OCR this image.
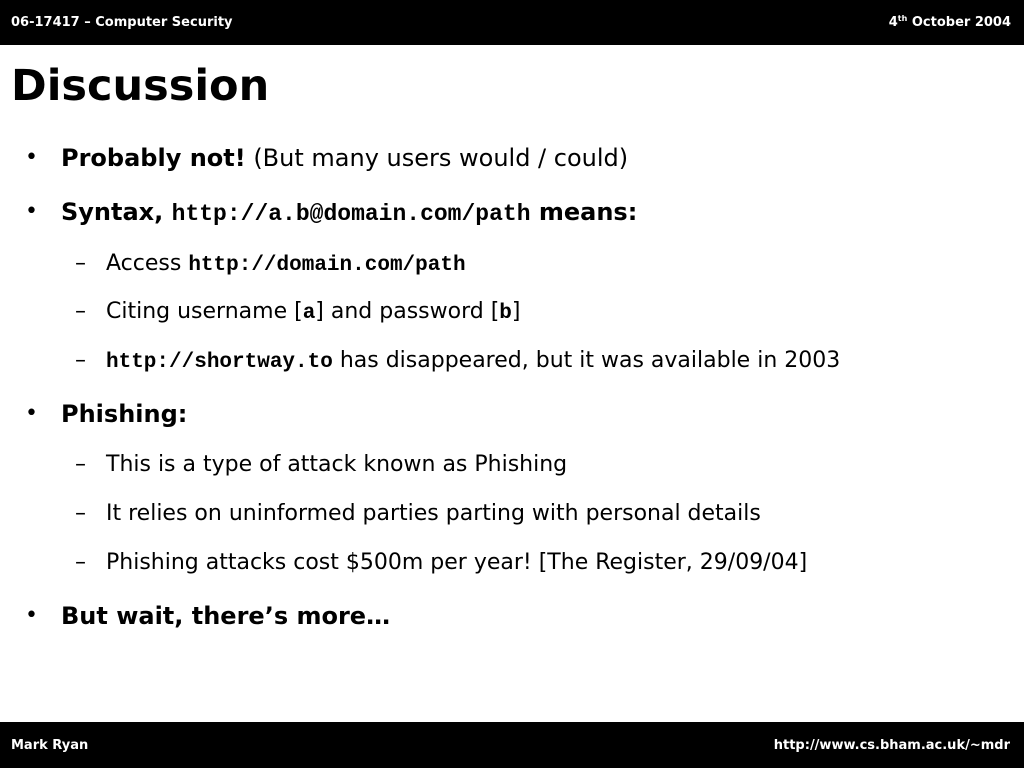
06-17417 – Computer Security	4th October 2004
Discussion
• Probably not! (But many users would / could)
• Syntax, http://a.b@domain.com/path means:
– Access http://domain.com/path
– Citing username [a] and password [b]
– http://shortway.to has disappeared, but it was available in 2003
• Phishing:
– This is a type of attack known as Phishing
– It relies on uninformed parties parting with personal details
– Phishing attacks cost $500m per year! [The Register, 29/09/04]
• But wait, there’s more…
Mark Ryan	http://www.cs.bham.ac.uk/~mdr
